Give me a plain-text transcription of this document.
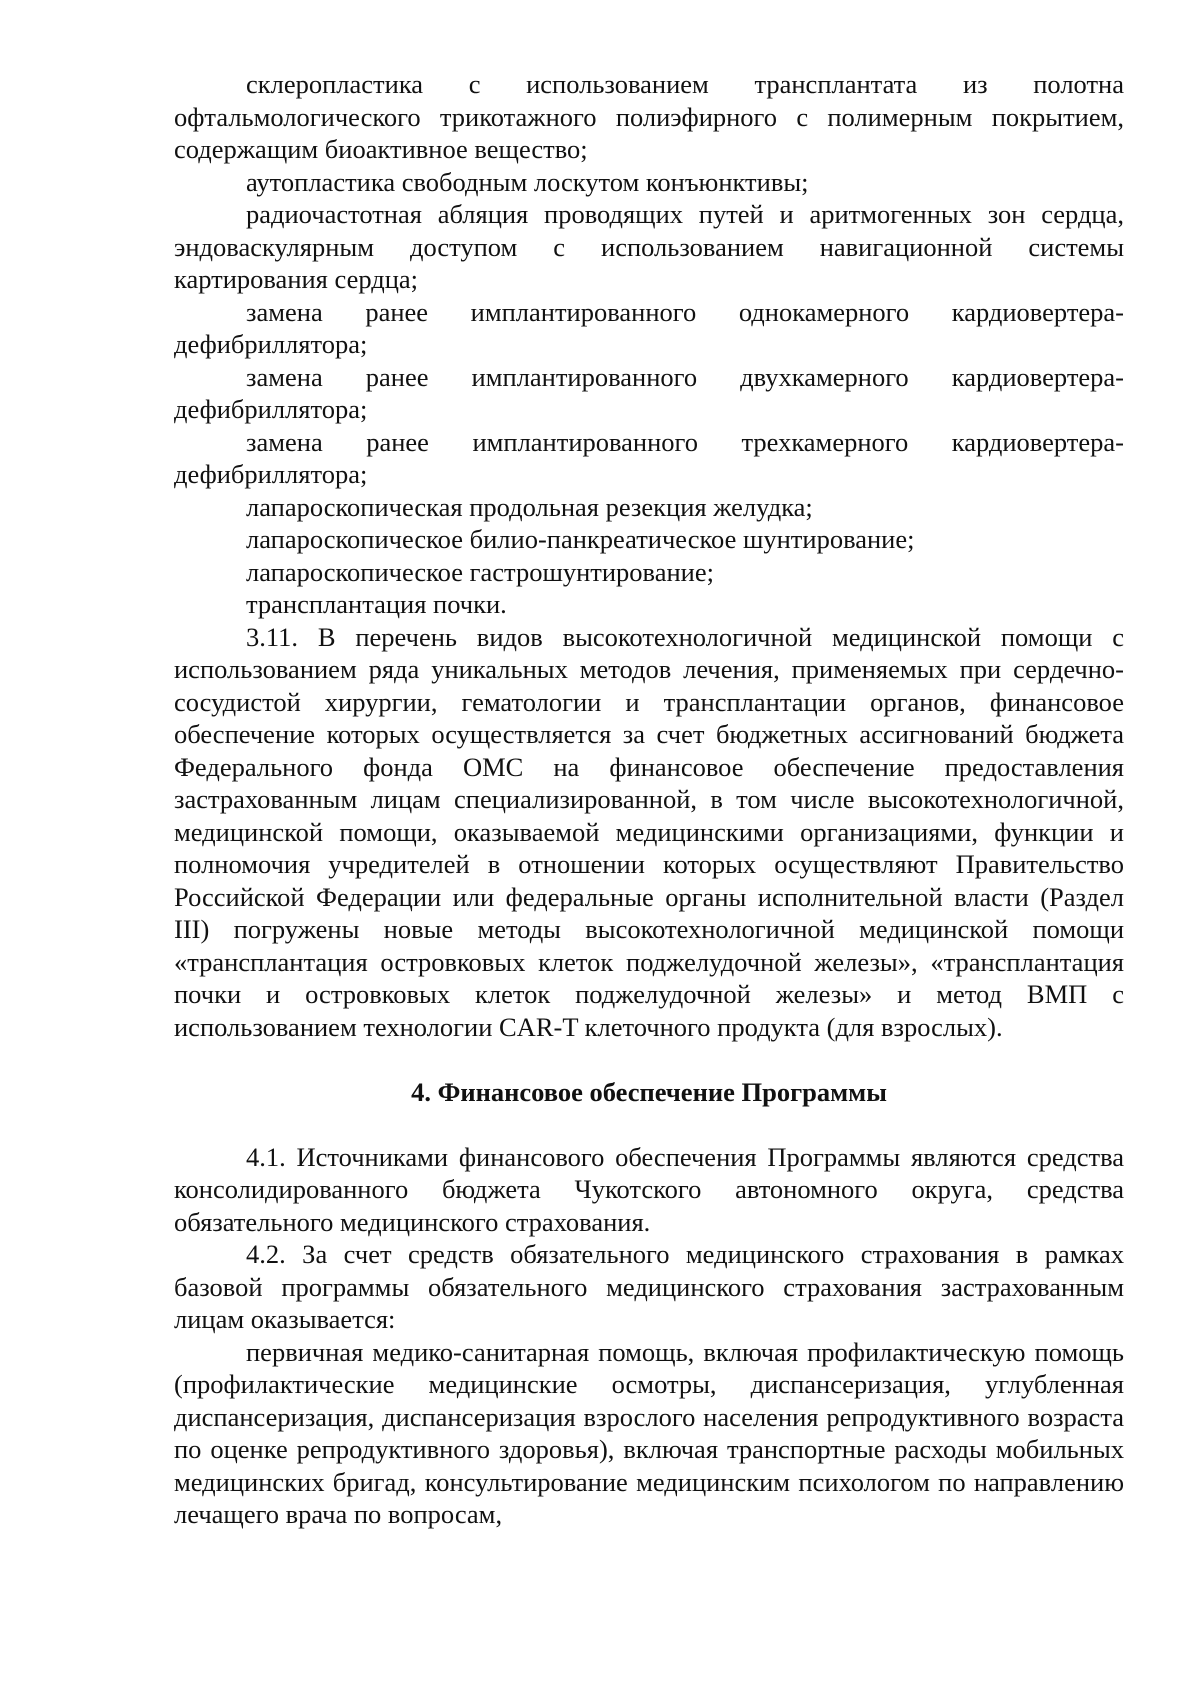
склеропластика с использованием трансплантата из полотна офтальмологического трикотажного полиэфирного с полимерным покрытием, содержащим биоактивное вещество;

аутопластика свободным лоскутом конъюнктивы;

радиочастотная абляция проводящих путей и аритмогенных зон сердца, эндоваскулярным доступом с использованием навигационной системы картирования сердца;

замена ранее имплантированного однокамерного кардиовертера-дефибриллятора;

замена ранее имплантированного двухкамерного кардиовертера-дефибриллятора;

замена ранее имплантированного трехкамерного кардиовертера-дефибриллятора;

лапароскопическая продольная резекция желудка;

лапароскопическое билио-панкреатическое шунтирование;

лапароскопическое гастрошунтирование;

трансплантация почки.

3.11. В перечень видов высокотехнологичной медицинской помощи с использованием ряда уникальных методов лечения, применяемых при сердечно-сосудистой хирургии, гематологии и трансплантации органов, финансовое обеспечение которых осуществляется за счет бюджетных ассигнований бюджета Федерального фонда ОМС на финансовое обеспечение предоставления застрахованным лицам специализированной, в том числе высокотехнологичной, медицинской помощи, оказываемой медицинскими организациями, функции и полномочия учредителей в отношении которых осуществляют Правительство Российской Федерации или федеральные органы исполнительной власти (Раздел III) погружены новые методы высокотехнологичной медицинской помощи «трансплантация островковых клеток поджелудочной железы», «трансплантация почки и островковых клеток поджелудочной железы» и метод ВМП с использованием технологии CAR-T клеточного продукта (для взрослых).

4. Финансовое обеспечение Программы

4.1. Источниками финансового обеспечения Программы являются средства консолидированного бюджета Чукотского автономного округа, средства обязательного медицинского страхования.

4.2. За счет средств обязательного медицинского страхования в рамках базовой программы обязательного медицинского страхования застрахованным лицам оказывается:

первичная медико-санитарная помощь, включая профилактическую помощь (профилактические медицинские осмотры, диспансеризация, углубленная диспансеризация, диспансеризация взрослого населения репродуктивного возраста по оценке репродуктивного здоровья), включая транспортные расходы мобильных медицинских бригад, консультирование медицинским психологом по направлению лечащего врача по вопросам,
